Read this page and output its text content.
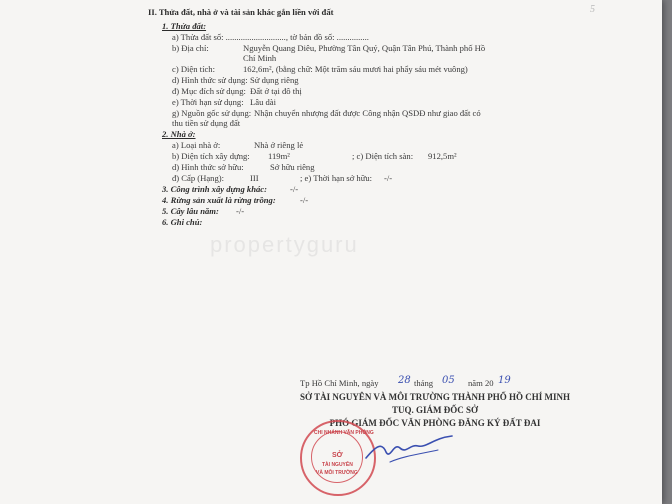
5
II. Thửa đất, nhà ở và tài sản khác gắn liền với đất
1. Thửa đất:
a) Thửa đất số: ............................, tờ bản đồ số: ...............
b) Địa chỉ:	Nguyễn Quang Diêu, Phường Tân Quý, Quận Tân Phú, Thành phố Hồ
Chí Minh
c) Diện tích:	162,6m², (bằng chữ: Một trăm sáu mươi hai phẩy sáu mét vuông)
d) Hình thức sử dụng: Sử dụng riêng
đ) Mục đích sử dụng: Đất ở tại đô thị
e) Thời hạn sử dụng: Lâu dài
g) Nguồn gốc sử dụng: Nhận chuyển nhượng đất được Công nhận QSDĐ như giao đất có
thu tiền sử dụng đất
2. Nhà ở:
a) Loại nhà ở:	Nhà ở riêng lẻ
b) Diện tích xây dựng: 119m²	; c) Diện tích sàn: 912,5m²
d) Hình thức sở hữu:	Sở hữu riêng
đ) Cấp (Hạng):	III	; e) Thời hạn sở hữu: -/-
3. Công trình xây dựng khác:	-/-
4. Rừng sản xuất là rừng trồng:	-/-
5. Cây lâu năm: -/-
6. Ghi chú:
Tp Hồ Chí Minh, ngày 28 tháng 05 năm 20 19
SỞ TÀI NGUYÊN VÀ MÔI TRƯỜNG THÀNH PHỐ HỒ CHÍ MINH
TUQ. GIÁM ĐỐC SỞ
PHÓ GIÁM ĐỐC VĂN PHÒNG ĐĂNG KÝ ĐẤT ĐAI
propertyguru
CHI NHÁNH VĂN PHÒNG
SỞ
TÀI NGUYÊN
VÀ MÔI TRƯỜNG
